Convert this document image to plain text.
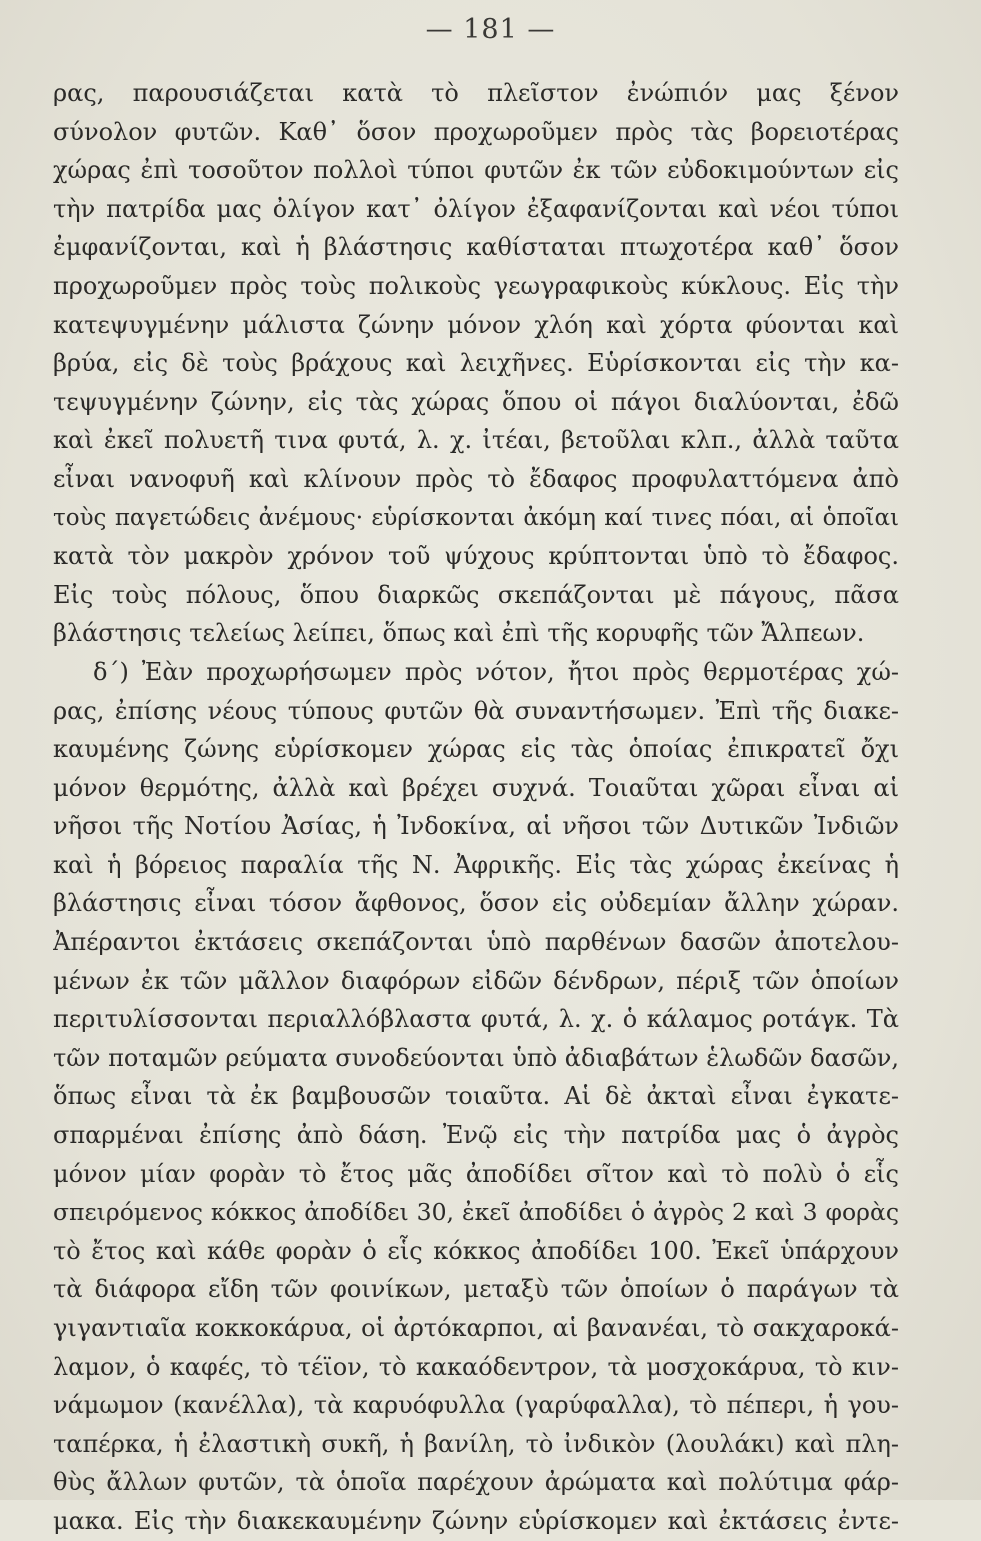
— 181 —
ρας, παρουσιάζεται κατὰ τὸ πλεῖστον ἐνώπιόν μας ξένον
σύνολον φυτῶν. Καθ᾿ ὅσον προχωροῦμεν πρὸς τὰς βορειοτέρας
χώρας ἐπὶ τοσοῦτον πολλοὶ τύποι φυτῶν ἐκ τῶν εὐδοκιμούντων εἰς
τὴν πατρίδα μας ὀλίγον κατ᾿ ὀλίγον ἐξαφανίζονται καὶ νέοι τύποι
ἐμφανίζονται, καὶ ἡ βλάστησις καθίσταται πτωχοτέρα καθ᾿ ὅσον
προχωροῦμεν πρὸς τοὺς πολικοὺς γεωγραφικοὺς κύκλους. Εἰς τὴν
κατεψυγμένην μάλιστα ζώνην μόνον χλόη καὶ χόρτα φύονται καὶ
βρύα, εἰς δὲ τοὺς βράχους καὶ λειχῆνες. Εὑρίσκονται εἰς τὴν κα-
τεψυγμένην ζώνην, εἰς τὰς χώρας ὅπου οἱ πάγοι διαλύονται, ἐδῶ
καὶ ἐκεῖ πολυετῆ τινα φυτά, λ. χ. ἰτέαι, βετοῦλαι κλπ., ἀλλὰ ταῦτα
εἶναι νανοφυῆ καὶ κλίνουν πρὸς τὸ ἔδαφος προφυλαττόμενα ἀπὸ
τοὺς παγετώδεις ἀνέμους· εὑρίσκονται ἀκόμη καί τινες πόαι, αἱ ὁποῖαι
κατὰ τὸν μακρὸν χρόνον τοῦ ψύχους κρύπτονται ὑπὸ τὸ ἔδαφος.
Εἰς τοὺς πόλους, ὅπου διαρκῶς σκεπάζονται μὲ πάγους, πᾶσα
βλάστησις τελείως λείπει, ὅπως καὶ ἐπὶ τῆς κορυφῆς τῶν Ἄλπεων.
δ´) Ἐὰν προχωρήσωμεν πρὸς νότον, ἤτοι πρὸς θερμοτέρας χώ-
ρας, ἐπίσης νέους τύπους φυτῶν θὰ συναντήσωμεν. Ἐπὶ τῆς διακε-
καυμένης ζώνης εὑρίσκομεν χώρας εἰς τὰς ὁποίας ἐπικρατεῖ ὄχι
μόνον θερμότης, ἀλλὰ καὶ βρέχει συχνά. Τοιαῦται χῶραι εἶναι αἱ
νῆσοι τῆς Νοτίου Ἀσίας, ἡ Ἰνδοκίνα, αἱ νῆσοι τῶν Δυτικῶν Ἰνδιῶν
καὶ ἡ βόρειος παραλία τῆς Ν. Ἀφρικῆς. Εἰς τὰς χώρας ἐκείνας ἡ
βλάστησις εἶναι τόσον ἄφθονος, ὅσον εἰς οὐδεμίαν ἄλλην χώραν.
Ἀπέραντοι ἐκτάσεις σκεπάζονται ὑπὸ παρθένων δασῶν ἀποτελου-
μένων ἐκ τῶν μᾶλλον διαφόρων εἰδῶν δένδρων, πέριξ τῶν ὁποίων
περιτυλίσσονται περιαλλόβλαστα φυτά, λ. χ. ὁ κάλαμος ροτάγκ. Τὰ
τῶν ποταμῶν ρεύματα συνοδεύονται ὑπὸ ἀδιαβάτων ἑλωδῶν δασῶν,
ὅπως εἶναι τὰ ἐκ βαμβουσῶν τοιαῦτα. Αἱ δὲ ἀκταὶ εἶναι ἐγκατε-
σπαρμέναι ἐπίσης ἀπὸ δάση. Ἐνῷ εἰς τὴν πατρίδα μας ὁ ἀγρὸς
μόνον μίαν φορὰν τὸ ἔτος μᾶς ἀποδίδει σῖτον καὶ τὸ πολὺ ὁ εἷς
σπειρόμενος κόκκος ἀποδίδει 30, ἐκεῖ ἀποδίδει ὁ ἀγρὸς 2 καὶ 3 φορὰς
τὸ ἔτος καὶ κάθε φορὰν ὁ εἷς κόκκος ἀποδίδει 100. Ἐκεῖ ὑπάρχουν
τὰ διάφορα εἴδη τῶν φοινίκων, μεταξὺ τῶν ὁποίων ὁ παράγων τὰ
γιγαντιαῖα κοκκοκάρυα, οἱ ἀρτόκαρποι, αἱ βανανέαι, τὸ σακχαροκά-
λαμον, ὁ καφές, τὸ τέϊον, τὸ κακαόδεντρον, τὰ μοσχοκάρυα, τὸ κιν-
νάμωμον (κανέλλα), τὰ καρυόφυλλα (γαρύφαλλα), τὸ πέπερι, ἡ γου-
ταπέρκα, ἡ ἐλαστικὴ συκῆ, ἡ βανίλη, τὸ ἰνδικὸν (λουλάκι) καὶ πλη-
θὺς ἄλλων φυτῶν, τὰ ὁποῖα παρέχουν ἀρώματα καὶ πολύτιμα φάρ-
μακα. Εἰς τὴν διακεκαυμένην ζώνην εὑρίσκομεν καὶ ἐκτάσεις ἐντε-
